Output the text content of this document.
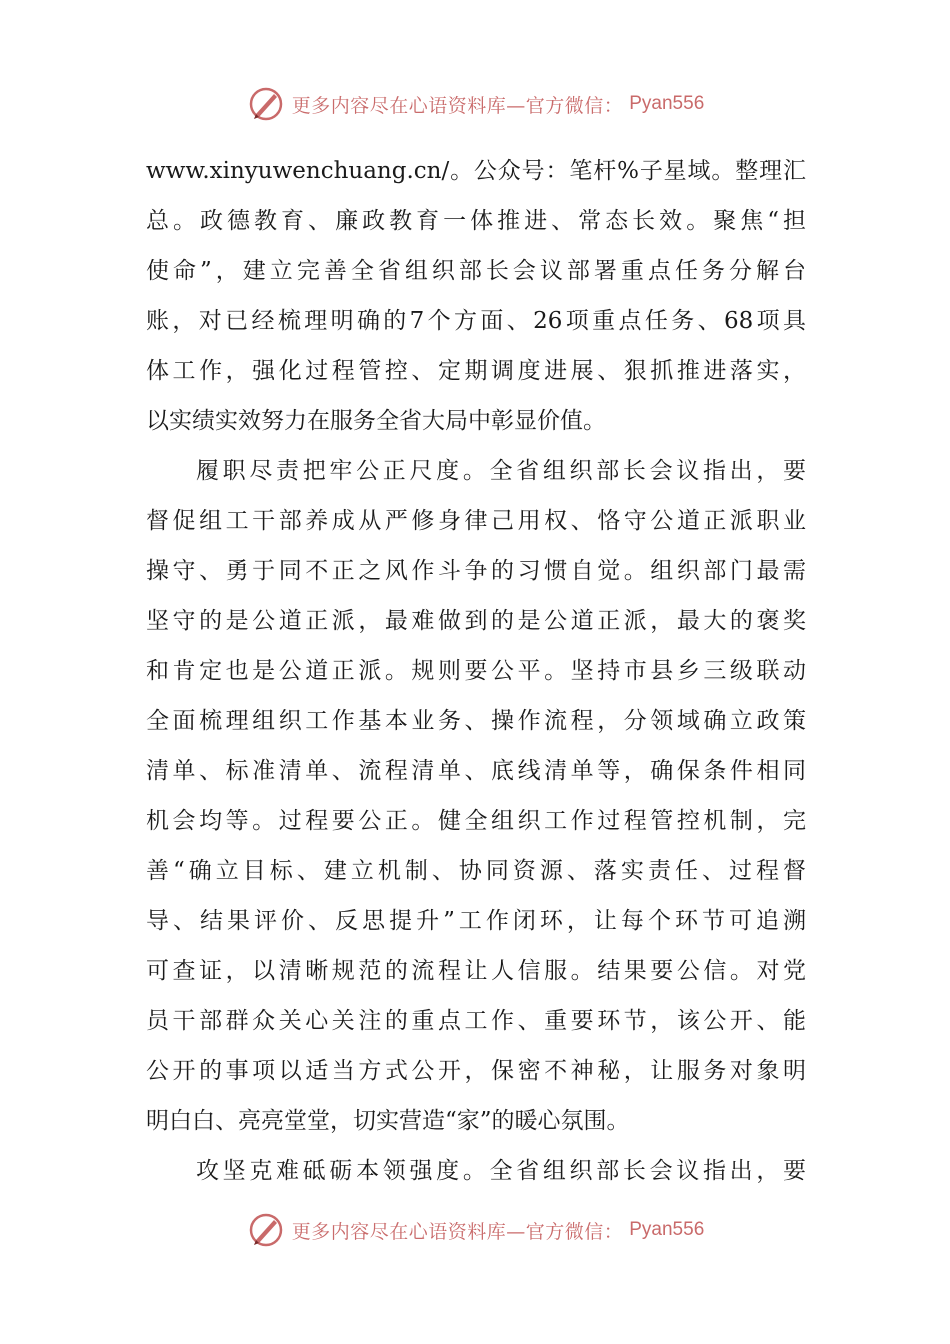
更多内容尽在心语资料库—官方微信： Pyan556
www.xinyuwenchuang.cn/。公众号：笔杆%子星域。整理汇
总。政德教育、廉政教育一体推进、常态长效。聚焦“担
使命”，建立完善全省组织部长会议部署重点任务分解台
账，对已经梳理明确的7个方面、26项重点任务、68项具
体工作，强化过程管控、定期调度进展、狠抓推进落实，
以实绩实效努力在服务全省大局中彰显价值。
履职尽责把牢公正尺度。全省组织部长会议指出，要
督促组工干部养成从严修身律己用权、恪守公道正派职业
操守、勇于同不正之风作斗争的习惯自觉。组织部门最需
坚守的是公道正派，最难做到的是公道正派，最大的褒奖
和肯定也是公道正派。规则要公平。坚持市县乡三级联动
全面梳理组织工作基本业务、操作流程，分领域确立政策
清单、标准清单、流程清单、底线清单等，确保条件相同
机会均等。过程要公正。健全组织工作过程管控机制，完
善“确立目标、建立机制、协同资源、落实责任、过程督
导、结果评价、反思提升”工作闭环，让每个环节可追溯
可查证，以清晰规范的流程让人信服。结果要公信。对党
员干部群众关心关注的重点工作、重要环节，该公开、能
公开的事项以适当方式公开，保密不神秘，让服务对象明
明白白、亮亮堂堂，切实营造“家”的暖心氛围。
攻坚克难砥砺本领强度。全省组织部长会议指出，要
更多内容尽在心语资料库—官方微信： Pyan556
